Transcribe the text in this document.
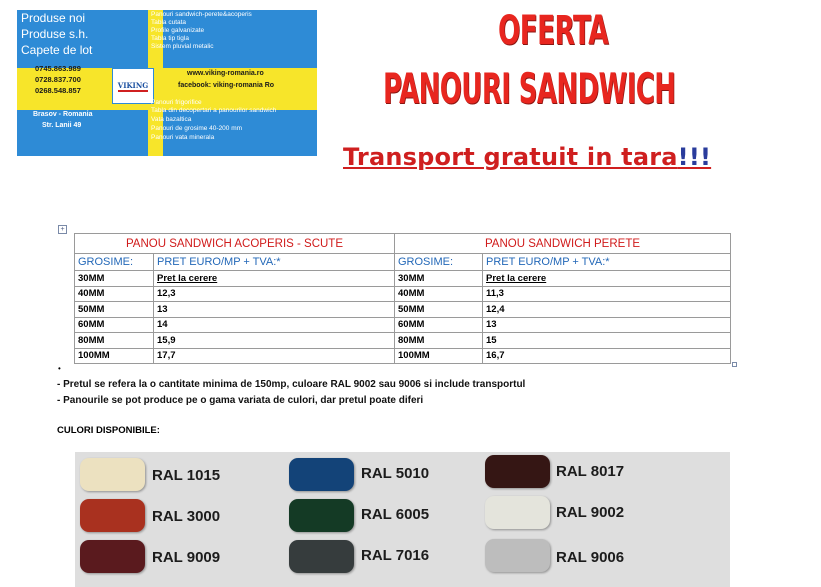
Produse noi
Produse s.h.
Capete de lot
0745.863.989
0728.837.700
0268.548.857
Brasov - Romania
Str. Lanii 49
VIKING
Panouri sandwich-perete&acoperis
Tabla cutata
Profile galvanizate
Tabla tip tigla
Sistem pluvial metalic
www.viking-romania.ro
facebook: viking-romania Ro
Panouri frigorifice
Tabla din decopertari a panourilor sandwich
Vata bazaltica
Panouri de grosime 40-200 mm
Panouri vata minerala
OFERTA
PANOURI SANDWICH
Transport gratuit in tara!!!
+
PANOU SANDWICH ACOPERIS - SCUTE		PANOU SANDWICH PERETE	
GROSIME:	PRET EURO/MP + TVA:*	GROSIME:	PRET EURO/MP + TVA:*
30MM	Pret la cerere	30MM	Pret la cerere
40MM	12,3	40MM	11,3
50MM	13	50MM	12,4
60MM	14	60MM	13
80MM	15,9	80MM	15
100MM	17,7	100MM	16,7
•
- Pretul se refera la o cantitate minima de 150mp, culoare RAL 9002 sau 9006 si include transportul
- Panourile se pot produce pe o gama variata de culori, dar pretul poate diferi
CULORI DISPONIBILE:
RAL 1015
RAL 3000
RAL 9009
RAL 5010
RAL 6005
RAL 7016
RAL 8017
RAL 9002
RAL 9006
